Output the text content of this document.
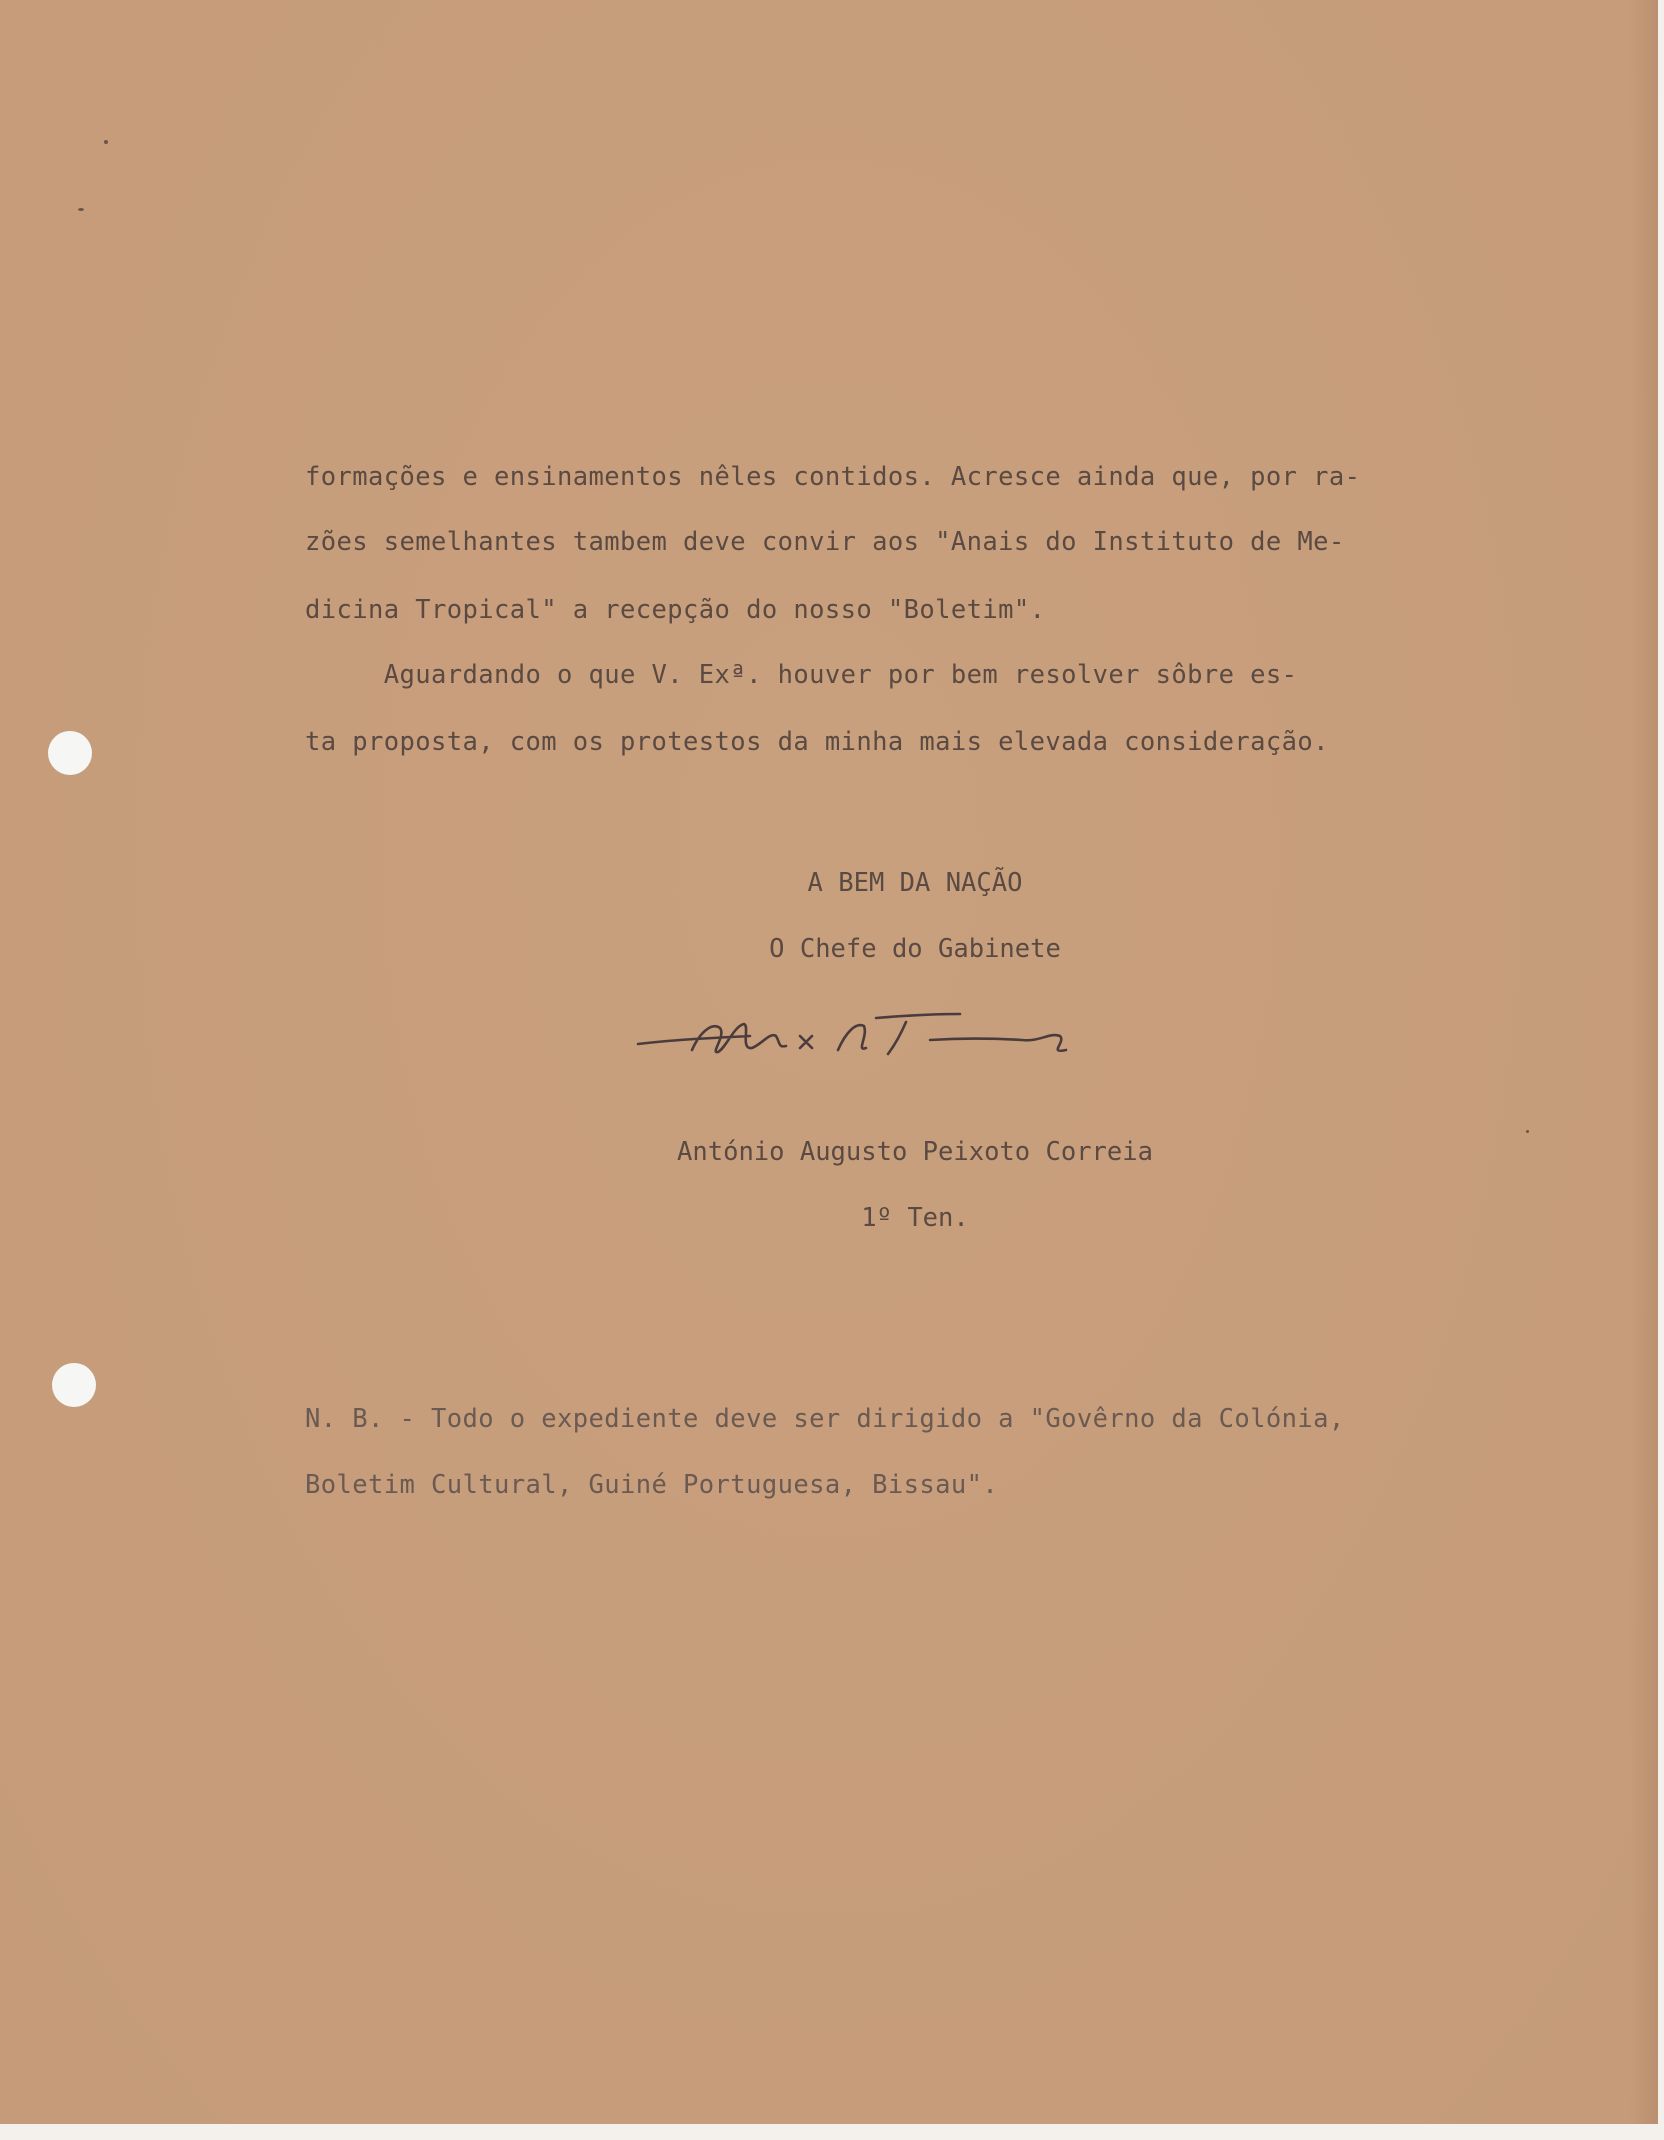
formações e ensinamentos nêles contidos. Acresce ainda que, por ra-

zões semelhantes tambem deve convir aos "Anais do Instituto de Me-

dicina Tropical" a recepção do nosso "Boletim".

Aguardando o que V. Exª. houver por bem resolver sôbre es-

ta proposta, com os protestos da minha mais elevada consideração.

A BEM DA NAÇÃO

O Chefe do Gabinete

António Augusto Peixoto Correia

1º Ten.

N. B. - Todo o expediente deve ser dirigido a "Govêrno da Colónia,

Boletim Cultural, Guiné Portuguesa, Bissau".
